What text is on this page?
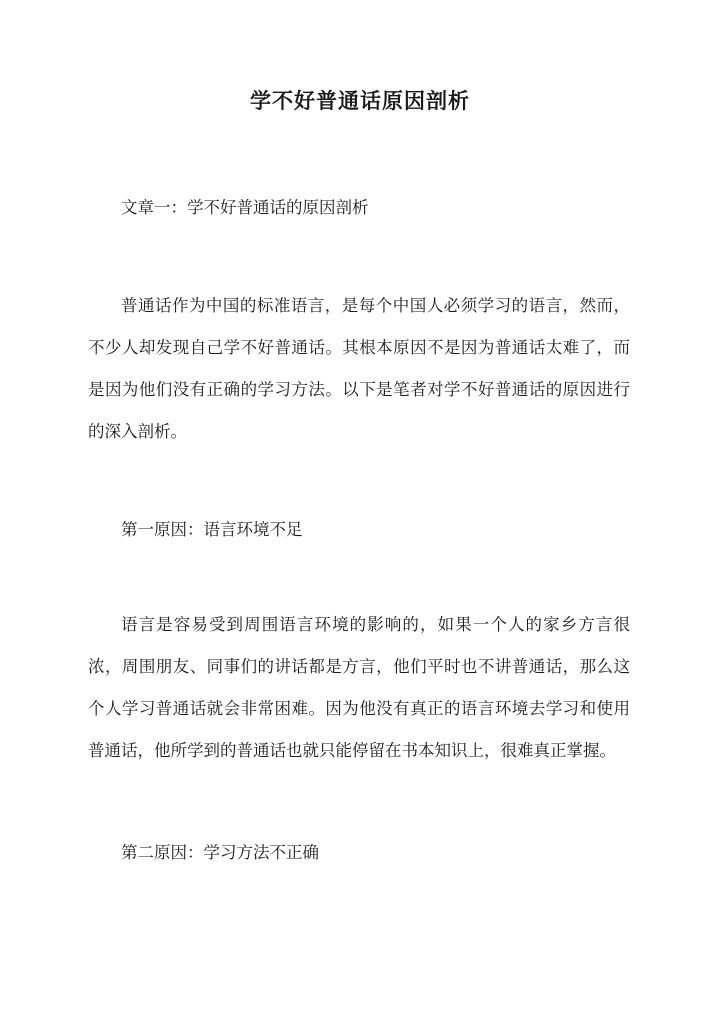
学不好普通话原因剖析
文章一：学不好普通话的原因剖析
普通话作为中国的标准语言，是每个中国人必须学习的语言，然而，不少人却发现自己学不好普通话。其根本原因不是因为普通话太难了，而是因为他们没有正确的学习方法。以下是笔者对学不好普通话的原因进行的深入剖析。
第一原因：语言环境不足
语言是容易受到周围语言环境的影响的，如果一个人的家乡方言很浓，周围朋友、同事们的讲话都是方言，他们平时也不讲普通话，那么这个人学习普通话就会非常困难。因为他没有真正的语言环境去学习和使用普通话，他所学到的普通话也就只能停留在书本知识上，很难真正掌握。
第二原因：学习方法不正确
